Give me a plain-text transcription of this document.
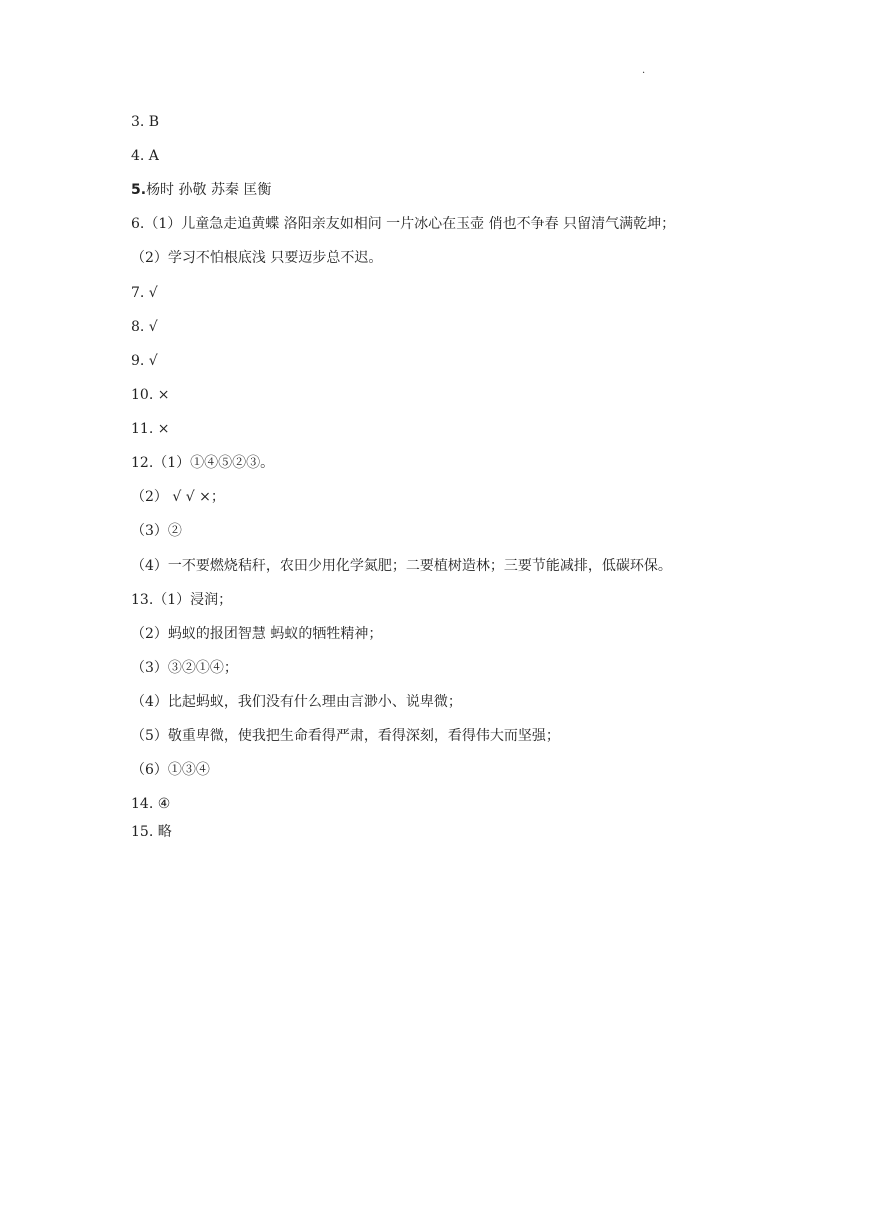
.
3. B
4. A
5.杨时 孙敬 苏秦 匡衡
6.（1）儿童急走追黄蝶 洛阳亲友如相问 一片冰心在玉壶 俏也不争春 只留清气满乾坤；
（2）学习不怕根底浅 只要迈步总不迟。
7. √
8. √
9. √
10. ×
11. ×
12.（1）①④⑤②③。
（2） √ √ ×；
（3）②
（4）一不要燃烧秸秆，农田少用化学氮肥；二要植树造林；三要节能减排，低碳环保。
13.（1）浸润；
（2）蚂蚁的报团智慧 蚂蚁的牺牲精神；
（3）③②①④；
（4）比起蚂蚁，我们没有什么理由言渺小、说卑微；
（5）敬重卑微，使我把生命看得严肃，看得深刻，看得伟大而坚强；
（6）①③④
14. ④
15. 略
